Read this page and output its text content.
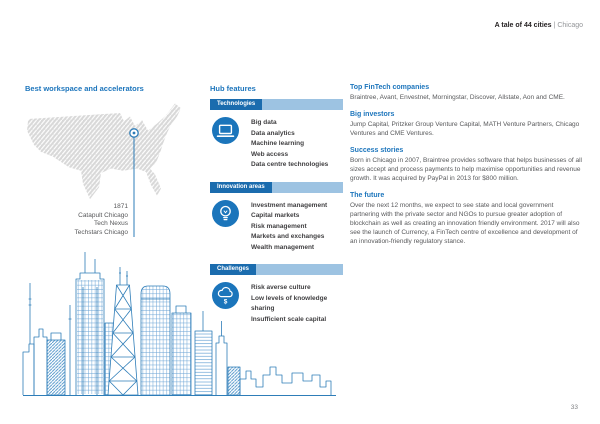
A tale of 44 cities | Chicago
Best workspace and accelerators
1871
Catapult Chicago
Tech Nexus
Techstars Chicago
Hub features
Technologies
Big data
Data analytics
Machine learning
Web access
Data centre technologies
Innovation areas
Investment management
Capital markets
Risk management
Markets and exchanges
Wealth management
Challenges
$
Risk averse culture
Low levels of knowledge sharing
Insufficient scale capital
Top FinTech companies

Braintree, Avant, Envestnet, Morningstar, Discover, Allstate, Aon and CME.

Big investors

Jump Capital, Pritzker Group Venture Capital, MATH Venture Partners, Chicago Ventures and CME Ventures.

Success stories

Born in Chicago in 2007, Braintree provides software that helps businesses of all sizes accept and process payments to help maximise opportunities and revenue growth. It was acquired by PayPal in 2013 for $800 million.

The future

Over the next 12 months, we expect to see state and local government partnering with the private sector and NGOs to pursue greater adoption of blockchain as well as creating an innovation friendly environment. 2017 will also see the launch of Currency, a FinTech centre of excellence and development of an innovation-friendly regulatory stance.

33
